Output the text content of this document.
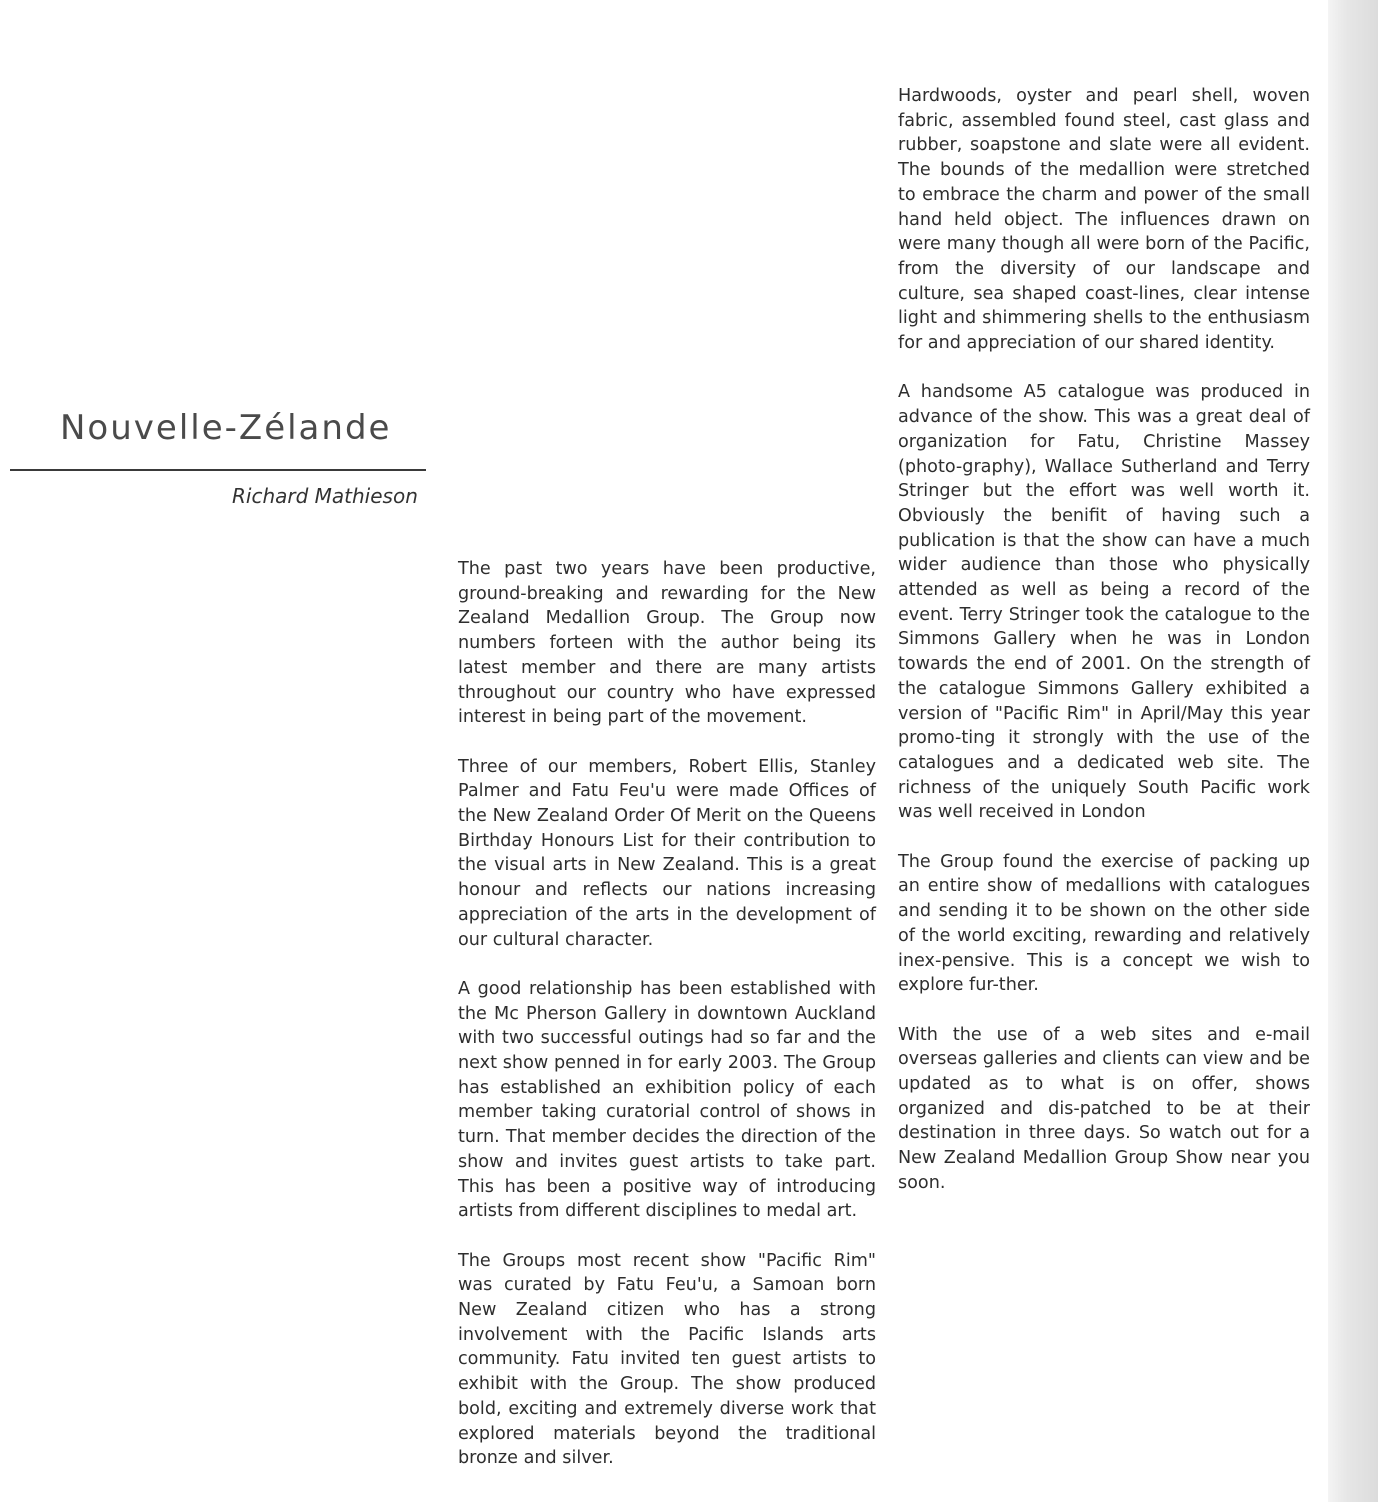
Nouvelle-Zélande
Richard Mathieson

The past two years have been productive, ground-breaking and rewarding for the New Zealand Medallion Group. The Group now numbers forteen with the author being its latest member and there are many artists throughout our country who have expressed interest in being part of the movement.

Three of our members, Robert Ellis, Stanley Palmer and Fatu Feu'u were made Offices of the New Zealand Order Of Merit on the Queens Birthday Honours List for their contribution to the visual arts in New Zealand. This is a great honour and reflects our nations increasing appreciation of the arts in the development of our cultural character.

A good relationship has been established with the Mc Pherson Gallery in downtown Auckland with two successful outings had so far and the next show penned in for early 2003. The Group has established an exhibition policy of each member taking curatorial control of shows in turn. That member decides the direction of the show and invites guest artists to take part. This has been a positive way of introducing artists from different disciplines to medal art.

The Groups most recent show "Pacific Rim" was curated by Fatu Feu'u, a Samoan born New Zealand citizen who has a strong involvement with the Pacific Islands arts community. Fatu invited ten guest artists to exhibit with the Group. The show produced bold, exciting and extremely diverse work that explored materials beyond the traditional bronze and silver.

Hardwoods, oyster and pearl shell, woven fabric, assembled found steel, cast glass and rubber, soapstone and slate were all evident. The bounds of the medallion were stretched to embrace the charm and power of the small hand held object. The influences drawn on were many though all were born of the Pacific, from the diversity of our landscape and culture, sea shaped coast-lines, clear intense light and shimmering shells to the enthusiasm for and appreciation of our shared identity.

A handsome A5 catalogue was produced in advance of the show. This was a great deal of organization for Fatu, Christine Massey (photo-graphy), Wallace Sutherland and Terry Stringer but the effort was well worth it. Obviously the benifit of having such a publication is that the show can have a much wider audience than those who physically attended as well as being a record of the event. Terry Stringer took the catalogue to the Simmons Gallery when he was in London towards the end of 2001. On the strength of the catalogue Simmons Gallery exhibited a version of "Pacific Rim" in April/May this year promo-ting it strongly with the use of the catalogues and a dedicated web site. The richness of the uniquely South Pacific work was well received in London

The Group found the exercise of packing up an entire show of medallions with catalogues and sending it to be shown on the other side of the world exciting, rewarding and relatively inex-pensive. This is a concept we wish to explore fur-ther.

With the use of a web sites and e-mail overseas galleries and clients can view and be updated as to what is on offer, shows organized and dis-patched to be at their destination in three days. So watch out for a New Zealand Medallion Group Show near you soon.
